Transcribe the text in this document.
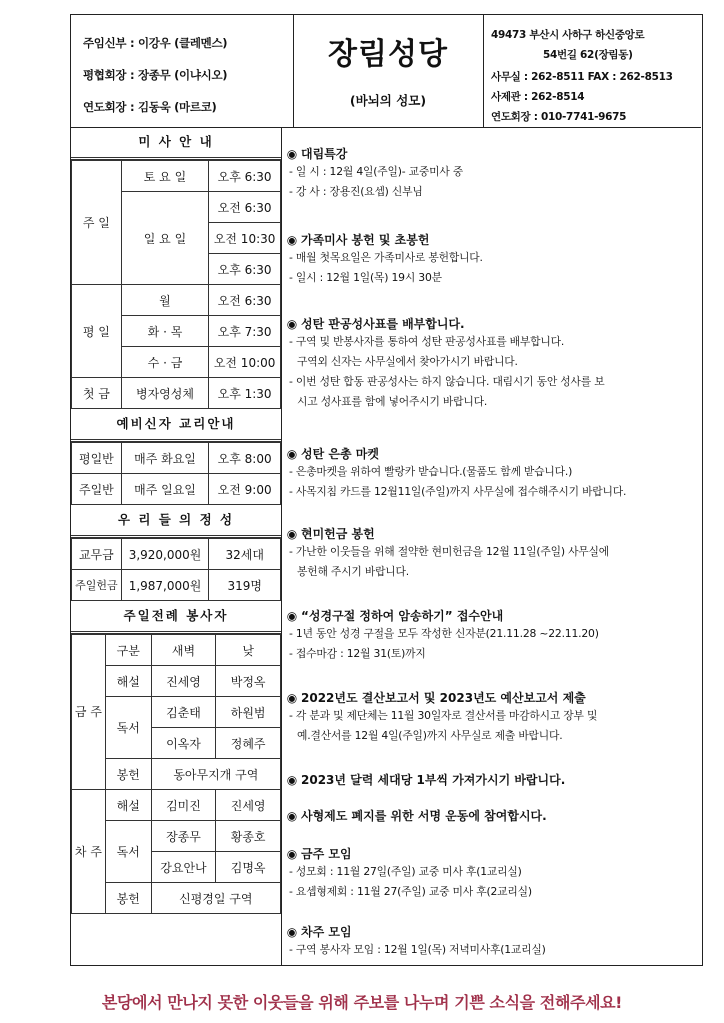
주임신부 : 이강우 (클레멘스)
평협회장 : 장종무 (이냐시오)
연도회장 : 김동욱 (마르코)
장림성당
(바뇌의 성모)
49473 부산시 사하구 하신중앙로
54번길 62(장림동)
사무실 : 262-8511 FAX : 262-8513
사제관 : 262-8514
연도회장 : 010-7741-9675
미 사 안 내
주 일	토 요 일	오후 6:30
	일 요 일	오전 6:30
		오전 10:30
		오후 6:30
평 일	월	오전 6:30
	화 · 목	오후 7:30
	수 · 금	오전 10:00
첫 금	병자영성체	오후 1:30
예비신자 교리안내
평일반	매주 화요일	오후 8:00
주일반	매주 일요일	오전 9:00
우 리 들 의 정 성
교무금	3,920,000원	32세대
주일헌금	1,987,000원	319명
주일전례 봉사자
금 주	구분	새벽	낮
	해설	진세영	박정옥
	독서	김춘태	하원범
		이옥자	정혜주
	봉헌	동아무지개 구역	
차 주	해설	김미진	진세영
	독서	장종무	황종호
		강요안나	김명옥
	봉헌	신평경일 구역	
◉ 대림특강
- 일 시 : 12월 4일(주일)- 교중미사 중
- 강 사 : 장용진(요셉) 신부님
◉ 가족미사 봉헌 및 초봉헌
- 매월 첫목요일은 가족미사로 봉헌합니다.
- 일시 : 12월 1일(목) 19시 30분
◉ 성탄 판공성사표를 배부합니다.
- 구역 및 반봉사자를 통하여 성탄 판공성사표를 배부합니다.
구역외 신자는 사무실에서 찾아가시기 바랍니다.
- 이번 성탄 합동 판공성사는 하지 않습니다. 대림시기 동안 성사를 보
시고 성사표를 함에 넣어주시기 바랍니다.
◉ 성탄 은총 마켓
- 은총마켓을 위하여 빨랑카 받습니다.(물품도 함께 받습니다.)
- 사목지침 카드를 12월11일(주일)까지 사무실에 접수해주시기 바랍니다.
◉ 현미헌금 봉헌
- 가난한 이웃들을 위해 절약한 현미헌금을 12월 11일(주일) 사무실에
봉헌해 주시기 바랍니다.
◉ “성경구절 정하여 암송하기” 접수안내
- 1년 동안 성경 구절을 모두 작성한 신자분(21.11.28 ~22.11.20)
- 접수마감 : 12월 31(토)까지
◉ 2022년도 결산보고서 및 2023년도 예산보고서 제출
- 각 분과 및 제단체는 11월 30일자로 결산서를 마감하시고 장부 및
예.결산서를 12월 4일(주일)까지 사무실로 제출 바랍니다.
◉ 2023년 달력 세대당 1부씩 가져가시기 바랍니다.
◉ 사형제도 폐지를 위한 서명 운동에 참여합시다.
◉ 금주 모임
- 성모회 : 11월 27일(주일) 교중 미사 후(1교리실)
- 요셉형제회 : 11월 27(주일) 교중 미사 후(2교리실)
◉ 차주 모임
- 구역 봉사자 모임 : 12월 1일(목) 저녁미사후(1교리실)
본당에서 만나지 못한 이웃들을 위해 주보를 나누며 기쁜 소식을 전해주세요!
